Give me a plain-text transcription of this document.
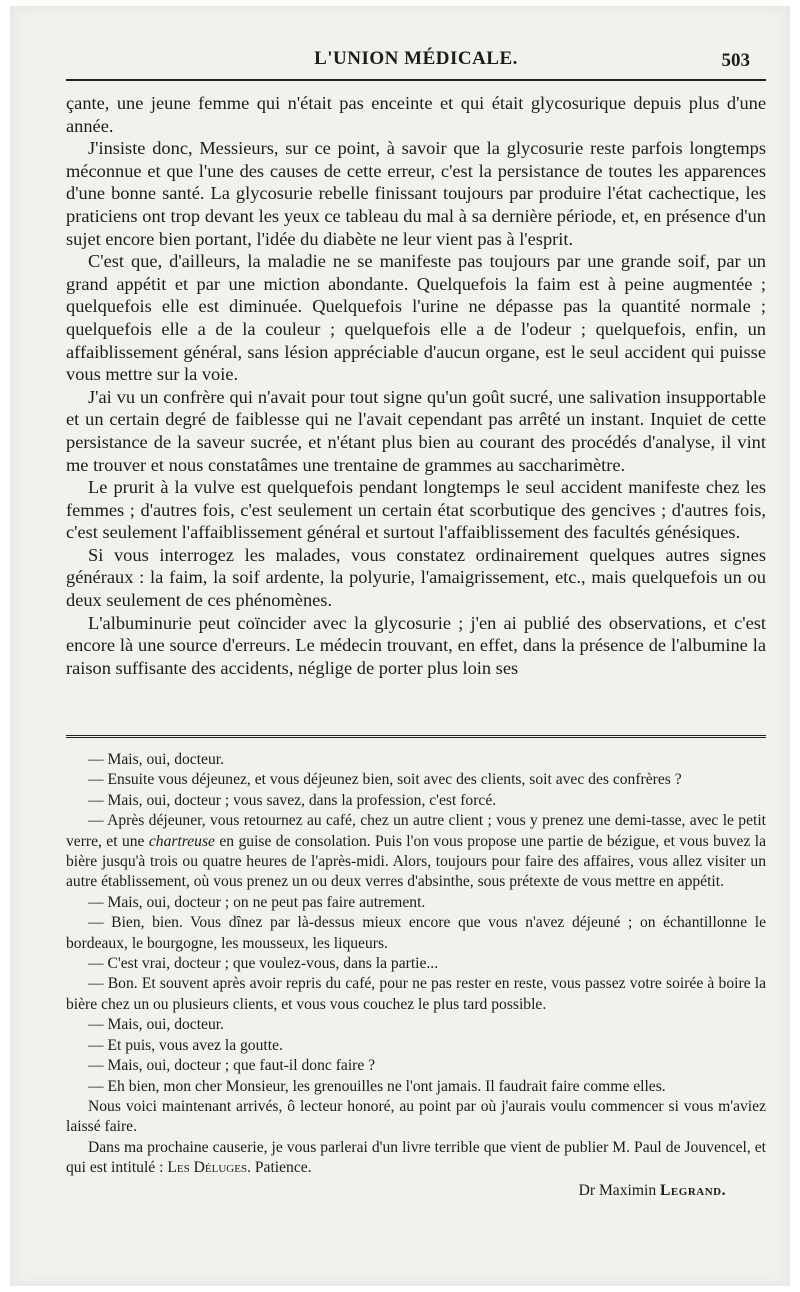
L'UNION MÉDICALE.	503

çante, une jeune femme qui n'était pas enceinte et qui était glycosurique depuis plus d'une année.

J'insiste donc, Messieurs, sur ce point, à savoir que la glycosurie reste parfois longtemps méconnue et que l'une des causes de cette erreur, c'est la persistance de toutes les apparences d'une bonne santé. La glycosurie rebelle finissant toujours par produire l'état cachectique, les praticiens ont trop devant les yeux ce tableau du mal à sa dernière période, et, en présence d'un sujet encore bien portant, l'idée du diabète ne leur vient pas à l'esprit.

C'est que, d'ailleurs, la maladie ne se manifeste pas toujours par une grande soif, par un grand appétit et par une miction abondante. Quelquefois la faim est à peine augmentée ; quelquefois elle est diminuée. Quelquefois l'urine ne dépasse pas la quantité normale ; quelquefois elle a de la couleur ; quelquefois elle a de l'odeur ; quelquefois, enfin, un affaiblissement général, sans lésion appréciable d'aucun organe, est le seul accident qui puisse vous mettre sur la voie.

J'ai vu un confrère qui n'avait pour tout signe qu'un goût sucré, une salivation insupportable et un certain degré de faiblesse qui ne l'avait cependant pas arrêté un instant. Inquiet de cette persistance de la saveur sucrée, et n'étant plus bien au courant des procédés d'analyse, il vint me trouver et nous constatâmes une trentaine de grammes au saccharimètre.

Le prurit à la vulve est quelquefois pendant longtemps le seul accident manifeste chez les femmes ; d'autres fois, c'est seulement un certain état scorbutique des gencives ; d'autres fois, c'est seulement l'affaiblissement général et surtout l'affaiblissement des facultés génésiques.

Si vous interrogez les malades, vous constatez ordinairement quelques autres signes généraux : la faim, la soif ardente, la polyurie, l'amaigrissement, etc., mais quelquefois un ou deux seulement de ces phénomènes.

L'albuminurie peut coïncider avec la glycosurie ; j'en ai publié des observations, et c'est encore là une source d'erreurs. Le médecin trouvant, en effet, dans la présence de l'albumine la raison suffisante des accidents, néglige de porter plus loin ses

— Mais, oui, docteur.

— Ensuite vous déjeunez, et vous déjeunez bien, soit avec des clients, soit avec des confrères ?

— Mais, oui, docteur ; vous savez, dans la profession, c'est forcé.

— Après déjeuner, vous retournez au café, chez un autre client ; vous y prenez une demi-tasse, avec le petit verre, et une chartreuse en guise de consolation. Puis l'on vous propose une partie de bézigue, et vous buvez la bière jusqu'à trois ou quatre heures de l'après-midi. Alors, toujours pour faire des affaires, vous allez visiter un autre établissement, où vous prenez un ou deux verres d'absinthe, sous prétexte de vous mettre en appétit.

— Mais, oui, docteur ; on ne peut pas faire autrement.

— Bien, bien. Vous dînez par là-dessus mieux encore que vous n'avez déjeuné ; on échantillonne le bordeaux, le bourgogne, les mousseux, les liqueurs.

— C'est vrai, docteur ; que voulez-vous, dans la partie...

— Bon. Et souvent après avoir repris du café, pour ne pas rester en reste, vous passez votre soirée à boire la bière chez un ou plusieurs clients, et vous vous couchez le plus tard possible.

— Mais, oui, docteur.

— Et puis, vous avez la goutte.

— Mais, oui, docteur ; que faut-il donc faire ?

— Eh bien, mon cher Monsieur, les grenouilles ne l'ont jamais. Il faudrait faire comme elles.

Nous voici maintenant arrivés, ô lecteur honoré, au point par où j'aurais voulu commencer si vous m'aviez laissé faire.

Dans ma prochaine causerie, je vous parlerai d'un livre terrible que vient de publier M. Paul de Jouvencel, et qui est intitulé : Les Déluges. Patience.

Dr Maximin Legrand.
